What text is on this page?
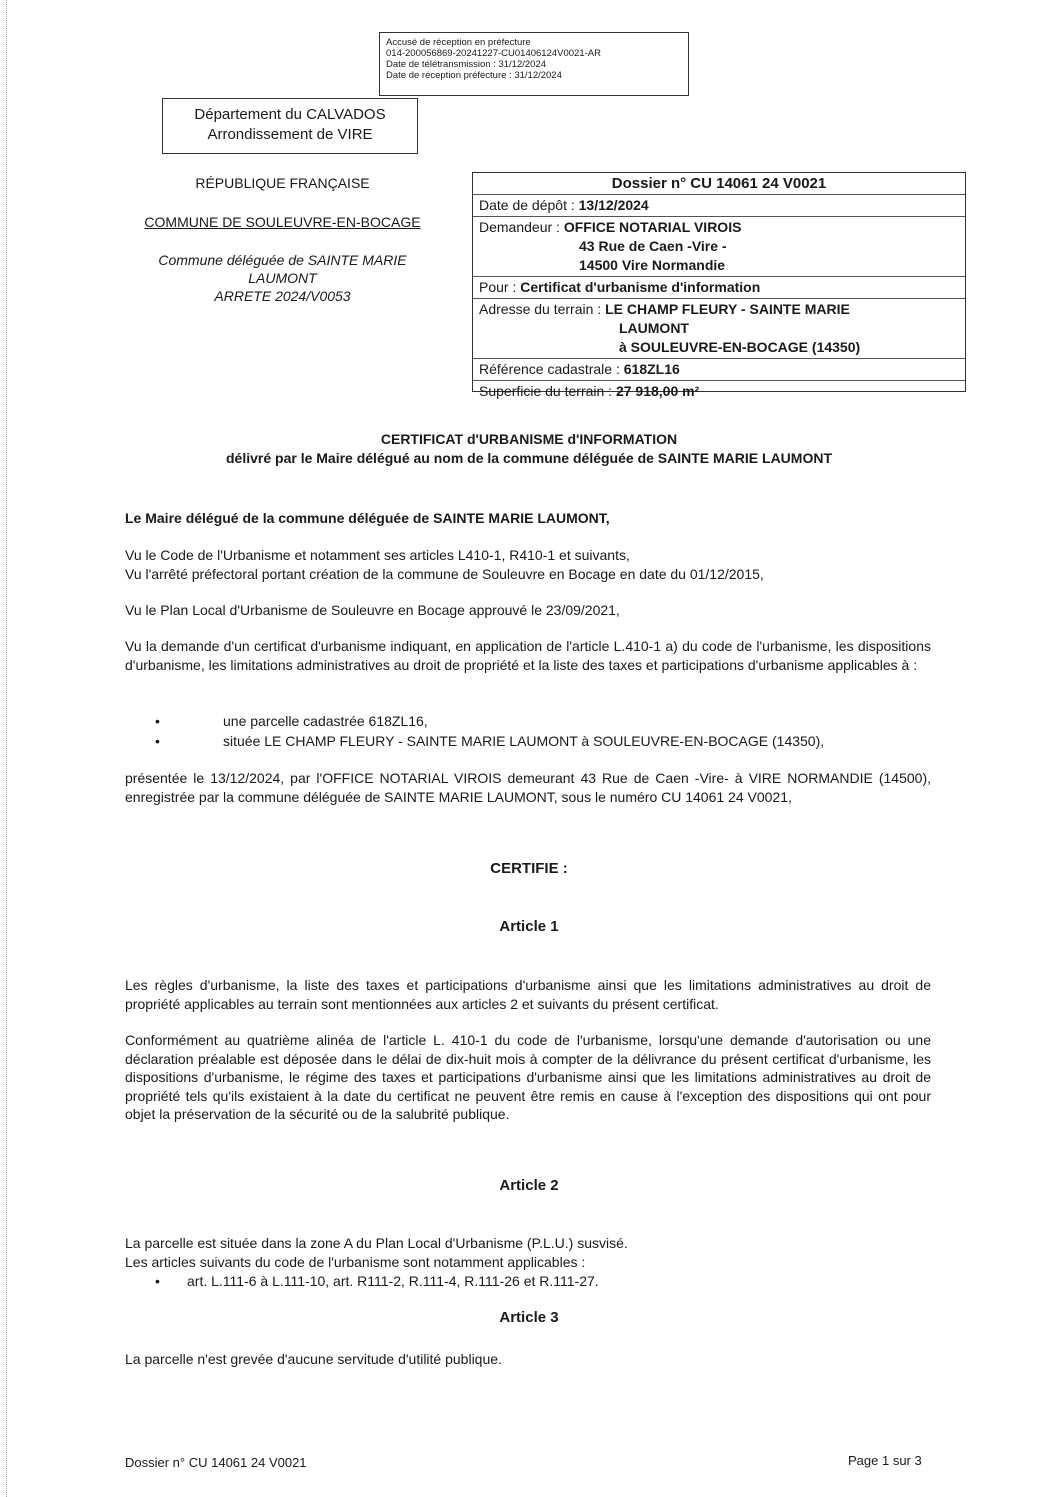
Accusé de réception en préfecture
014-200056869-20241227-CU01406124V0021-AR
Date de télétransmission : 31/12/2024
Date de réception préfecture : 31/12/2024
Département du CALVADOS
Arrondissement de VIRE
RÉPUBLIQUE FRANÇAISE
COMMUNE DE SOULEUVRE-EN-BOCAGE
Commune déléguée de SAINTE MARIE
LAUMONT
ARRETE 2024/V0053
Dossier n° CU 14061 24 V0021
Date de dépôt : 13/12/2024
Demandeur : OFFICE NOTARIAL VIROIS
43 Rue de Caen -Vire -
14500 Vire Normandie
Pour : Certificat d'urbanisme d'information
Adresse du terrain : LE CHAMP FLEURY - SAINTE MARIE
LAUMONT
à SOULEUVRE-EN-BOCAGE (14350)
Référence cadastrale : 618ZL16
Superficie du terrain : 27 918,00 m²
CERTIFICAT d'URBANISME d'INFORMATION
délivré par le Maire délégué au nom de la commune déléguée de SAINTE MARIE LAUMONT
Le Maire délégué de la commune déléguée de SAINTE MARIE LAUMONT,
Vu le Code de l'Urbanisme et notamment ses articles L410-1, R410-1 et suivants,
Vu l'arrêté préfectoral portant création de la commune de Souleuvre en Bocage en date du 01/12/2015,
Vu le Plan Local d'Urbanisme de Souleuvre en Bocage approuvé le 23/09/2021,
Vu la demande d'un certificat d'urbanisme indiquant, en application de l'article L.410-1 a) du code de l'urbanisme, les dispositions d'urbanisme, les limitations administratives au droit de propriété et la liste des taxes et participations d'urbanisme applicables à :
•	une parcelle cadastrée 618ZL16,
•	située LE CHAMP FLEURY - SAINTE MARIE LAUMONT à SOULEUVRE-EN-BOCAGE (14350),
présentée le 13/12/2024, par l'OFFICE NOTARIAL VIROIS demeurant 43 Rue de Caen -Vire- à VIRE NORMANDIE (14500), enregistrée par la commune déléguée de SAINTE MARIE LAUMONT, sous le numéro CU 14061 24 V0021,
CERTIFIE :
Article 1
Les règles d'urbanisme, la liste des taxes et participations d'urbanisme ainsi que les limitations administratives au droit de propriété applicables au terrain sont mentionnées aux articles 2 et suivants du présent certificat.
Conformément au quatrième alinéa de l'article L. 410-1 du code de l'urbanisme, lorsqu'une demande d'autorisation ou une déclaration préalable est déposée dans le délai de dix-huit mois à compter de la délivrance du présent certificat d'urbanisme, les dispositions d'urbanisme, le régime des taxes et participations d'urbanisme ainsi que les limitations administratives au droit de propriété tels qu'ils existaient à la date du certificat ne peuvent être remis en cause à l'exception des dispositions qui ont pour objet la préservation de la sécurité ou de la salubrité publique.
Article 2
La parcelle est située dans la zone A du Plan Local d'Urbanisme (P.L.U.) susvisé.
Les articles suivants du code de l'urbanisme sont notamment applicables :
• art. L.111-6 à L.111-10, art. R111-2, R.111-4, R.111-26 et R.111-27.
Article 3
La parcelle n'est grevée d'aucune servitude d'utilité publique.
Dossier n° CU 14061 24 V0021	Page 1 sur 3
